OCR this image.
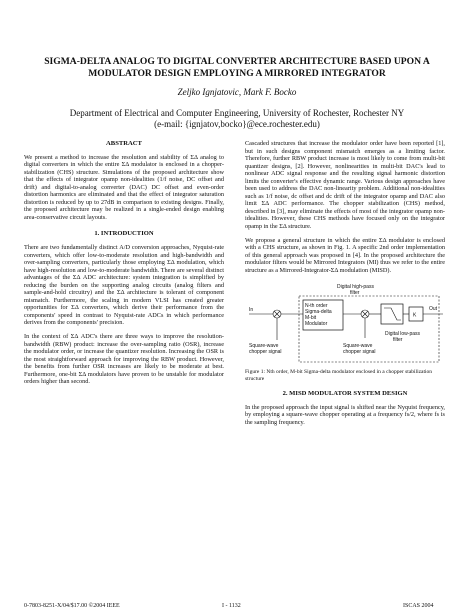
SIGMA-DELTA ANALOG TO DIGITAL CONVERTER ARCHITECTURE BASED UPON A MODULATOR DESIGN EMPLOYING A MIRRORED INTEGRATOR
Zeljko Ignjatovic, Mark F. Bocko
Department of Electrical and Computer Engineering, University of Rochester, Rochester NY
(e-mail: {ignjatov,bocko}@ece.rochester.edu)
ABSTRACT

We present a method to increase the resolution and stability of ΣΔ analog to digital converters in which the entire ΣΔ modulator is enclosed in a chopper-stabilization (CHS) structure. Simulations of the proposed architecture show that the effects of integrator opamp non-idealities (1/f noise, DC offset and drift) and digital-to-analog converter (DAC) DC offset and even-order distortion harmonics are eliminated and that the effect of integrator saturation distortion is reduced by up to 27dB in comparison to existing designs. Finally, the proposed architecture may be realized in a single-ended design enabling area-conservative circuit layouts.

1. INTRODUCTION

There are two fundamentally distinct A/D conversion approaches, Nyquist-rate converters, which offer low-to-moderate resolution and high-bandwidth and over-sampling converters, particularly those employing ΣΔ modulation, which have high-resolution and low-to-moderate bandwidth. There are several distinct advantages of the ΣΔ ADC architecture: system integration is simplified by reducing the burden on the supporting analog circuits (analog filters and sample-and-hold circuitry) and the ΣΔ architecture is tolerant of component mismatch. Furthermore, the scaling in modern VLSI has created greater opportunities for ΣΔ converters, which derive their performance from the components' speed in contrast to Nyquist-rate ADCs in which performance derives from the components' precision.

In the context of ΣΔ ADC's there are three ways to improve the resolution-bandwidth (RBW) product: increase the over-sampling ratio (OSR), increase the modulator order, or increase the quantizer resolution. Increasing the OSR is the most straightforward approach for improving the RBW product. However, the benefits from further OSR increases are likely to be moderate at best. Furthermore, one-bit ΣΔ modulators have proven to be unstable for modulator orders higher than second.

Cascaded structures that increase the modulator order have been reported [1], but in such designs component mismatch emerges as a limiting factor. Therefore, further RBW product increase is most likely to come from multi-bit quantizer designs, [2]. However, nonlinearities in multi-bit DAC's lead to nonlinear ADC signal response and the resulting signal harmonic distortion limits the converter's effective dynamic range. Various design approaches have been used to address the DAC non-linearity problem. Additional non-idealities such as 1/f noise, dc offset and dc drift of the integrator opamp and DAC also limit ΣΔ ADC performance. The chopper stabilization (CHS) method, described in [3], may eliminate the effects of most of the integrator opamp non-idealities. However, these CHS methods have focused only on the integrator opamp in the ΣΔ structure.

We propose a general structure in which the entire ΣΔ modulator is enclosed with a CHS structure, as shown in Fig. 1. A specific 2nd order implementation of this general approach was proposed in [4]. In the proposed architecture the modulator filters would be Mirrored Integrators (MI) thus we refer to the entire structure as a Mirrored-Integrator-ΣΔ modulation (MISD).

In
N-th order
Sigma-delta
M-bit
Modulator
K
Out
Digital high-pass
filter
Square-wave
chopper signal
Square-wave
chopper signal
Digital low-pass
filter
Figure 1: Nth order, M-bit Sigma-delta modulator enclosed in a chopper stabilization structure
2. MISD MODULATOR SYSTEM DESIGN

In the proposed approach the input signal is shifted near the Nyquist frequency, by employing a square-wave chopper operating at a frequency fs/2, where fs is the sampling frequency.

0-7803-8251-X/04/$17.00 ©2004 IEEE	I - 1132	ISCAS 2004
